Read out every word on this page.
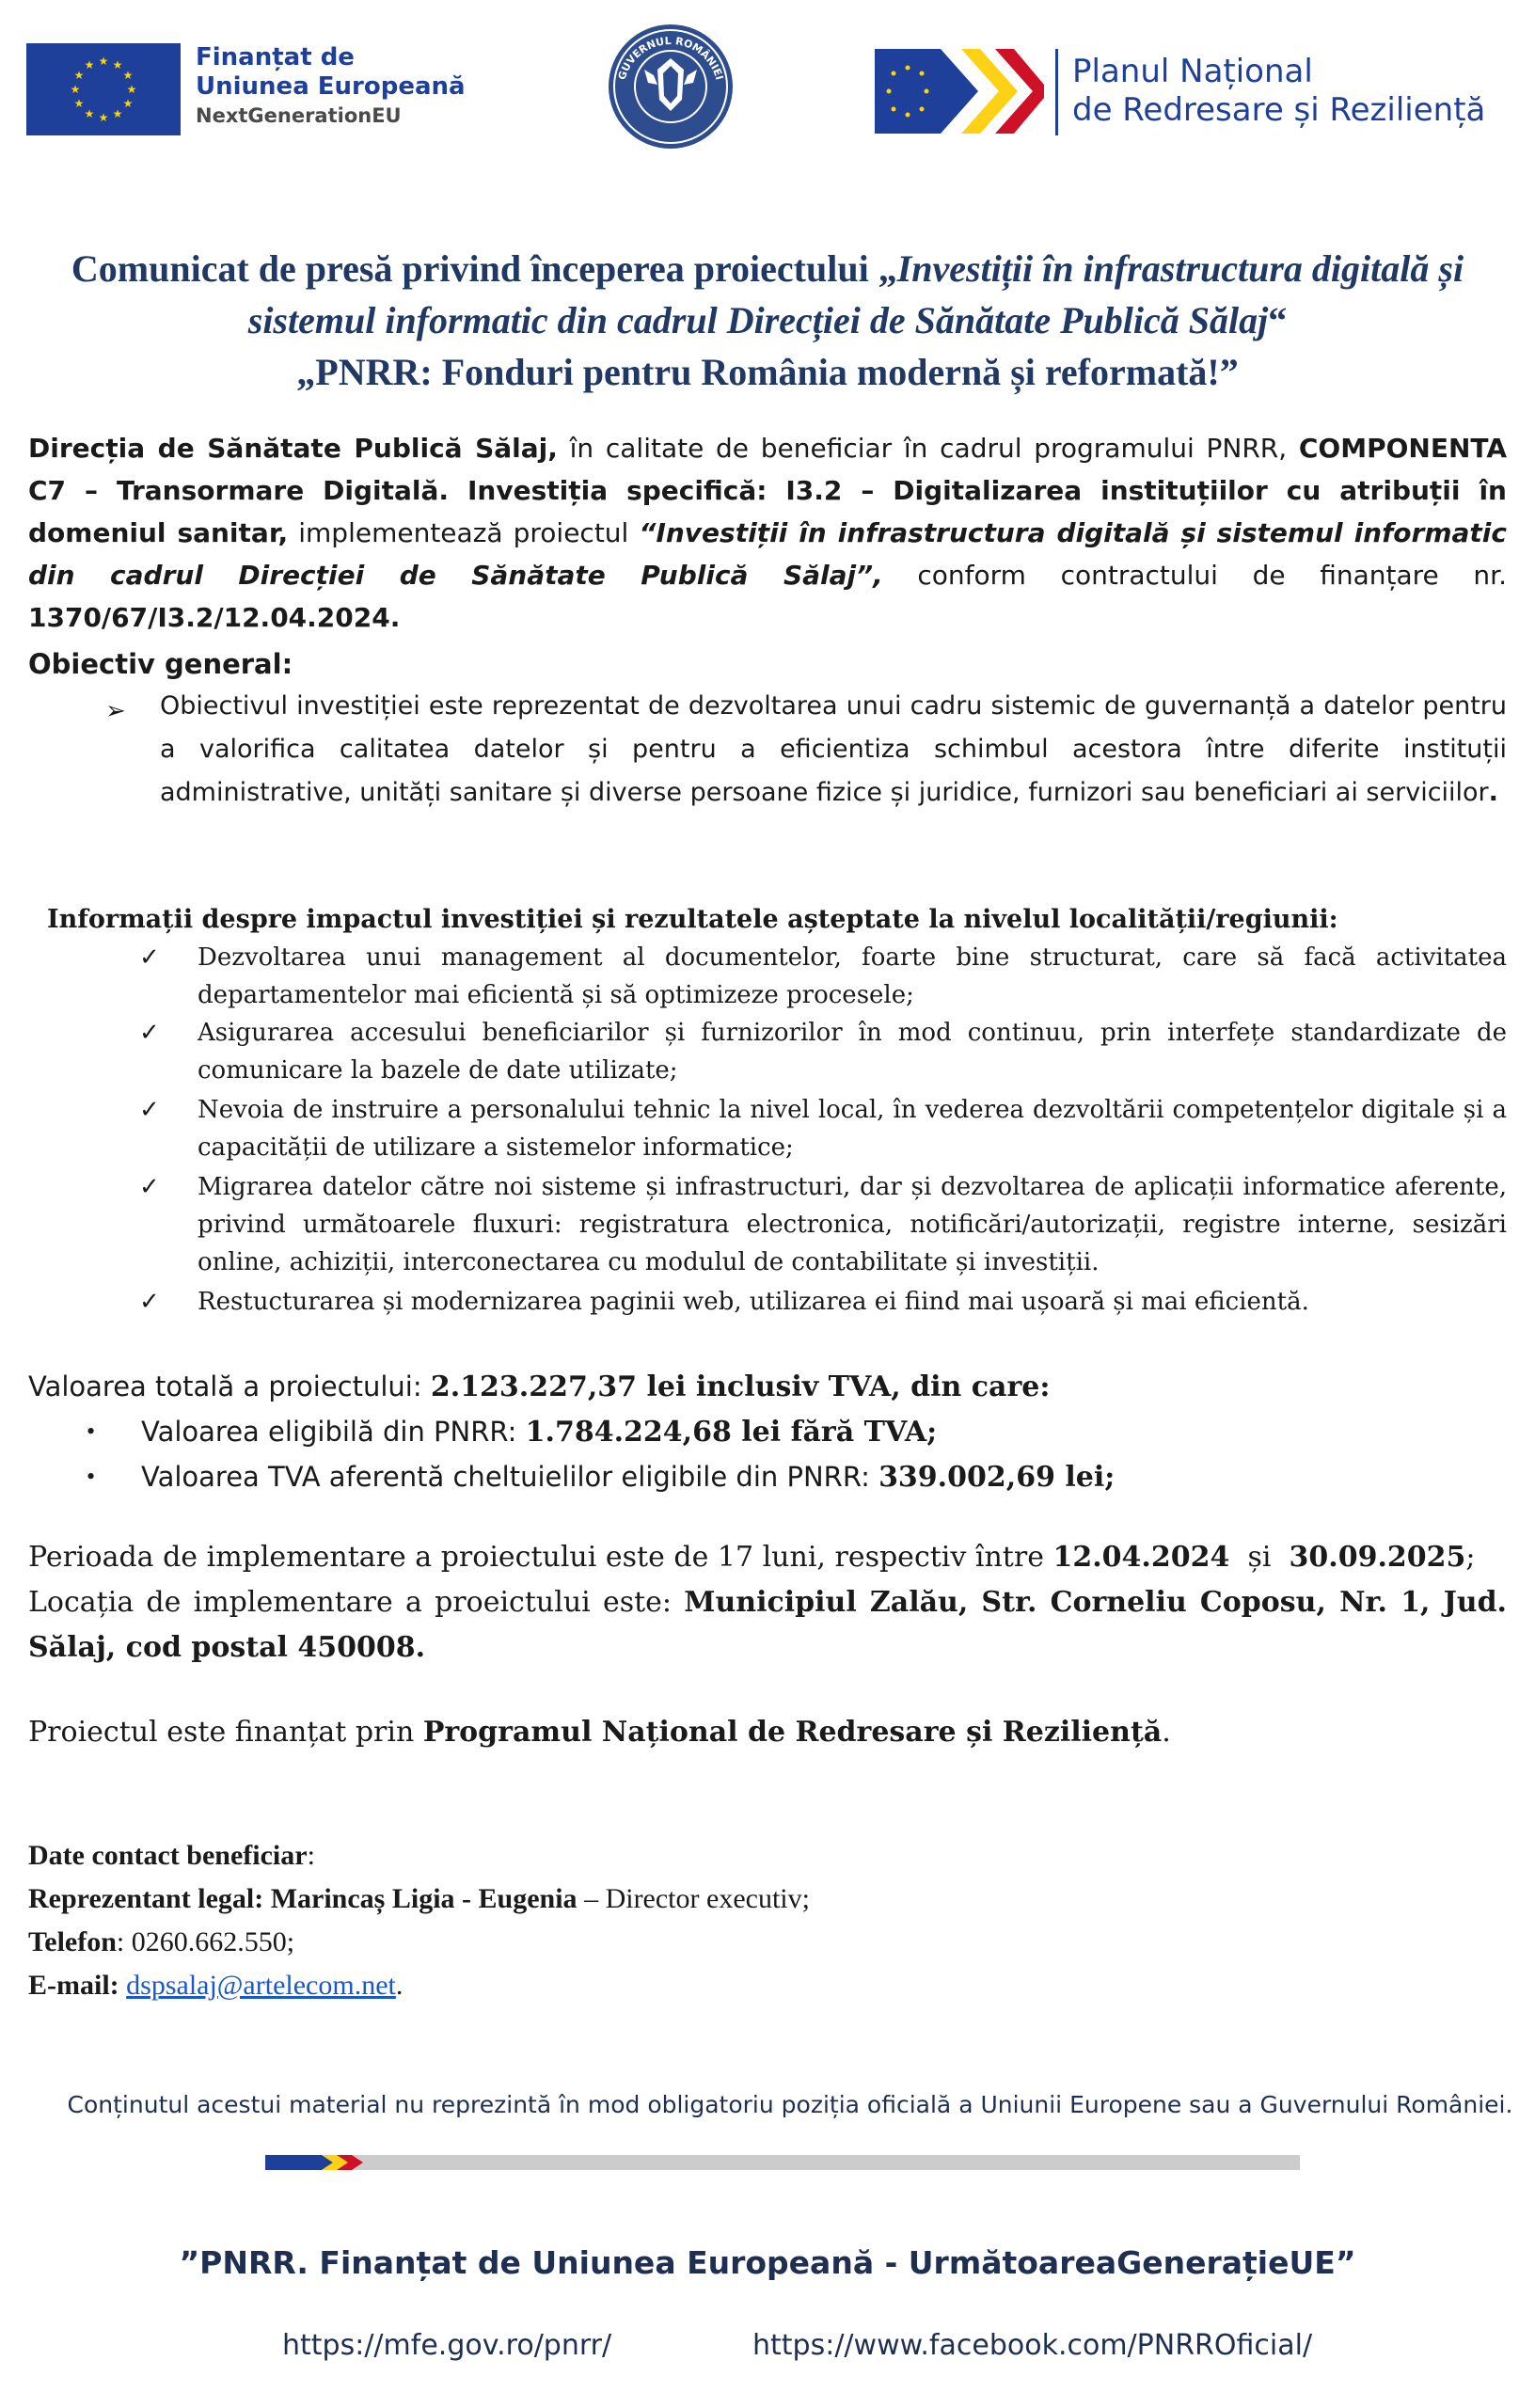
★ ★
★
★
★
★
★
★
★
★
★
★	Finanțat de
Uniunea Europeană
NextGenerationEU
GUVERNUL ROMÂNIEI	Planul Național
de Redresare și Reziliență
Comunicat de presă privind începerea proiectului „Investiții în infrastructura digitală și sistemul informatic din cadrul Direcției de Sănătate Publică Sălaj“
„PNRR: Fonduri pentru România modernă și reformată!”
Direcția de Sănătate Publică Sălaj, în calitate de beneficiar în cadrul programului PNRR, COMPONENTA C7 – Transormare Digitală. Investiția specifică: I3.2 – Digitalizarea instituțiilor cu atribuții în domeniul sanitar, implementează proiectul “Investiții în infrastructura digitală și sistemul informatic din cadrul Direcției de Sănătate Publică Sălaj”, conform contractului de finanțare nr. 1370/67/I3.2/12.04.2024.
Obiectiv general:
➢ Obiectivul investiției este reprezentat de dezvoltarea unui cadru sistemic de guvernanță a datelor pentru a valorifica calitatea datelor și pentru a eficientiza schimbul acestora între diferite instituții administrative, unități sanitare și diverse persoane fizice și juridice, furnizori sau beneficiari ai serviciilor.
Informații despre impactul investiției și rezultatele așteptate la nivelul localității/regiunii:
✓ Dezvoltarea unui management al documentelor, foarte bine structurat, care să facă activitatea departamentelor mai eficientă și să optimizeze procesele;
✓ Asigurarea accesului beneficiarilor și furnizorilor în mod continuu, prin interfețe standardizate de comunicare la bazele de date utilizate;
✓ Nevoia de instruire a personalului tehnic la nivel local, în vederea dezvoltării competențelor digitale și a capacității de utilizare a sistemelor informatice;
✓ Migrarea datelor către noi sisteme și infrastructuri, dar și dezvoltarea de aplicații informatice aferente, privind următoarele fluxuri: registratura electronica, notificări/autorizații, registre interne, sesizări online, achiziții, interconectarea cu modulul de contabilitate și investiții.
✓ Restucturarea și modernizarea paginii web, utilizarea ei fiind mai ușoară și mai eficientă.
Valoarea totală a proiectului: 2.123.227,37 lei inclusiv TVA, din care:
• Valoarea eligibilă din PNRR: 1.784.224,68 lei fără TVA;
• Valoarea TVA aferentă cheltuielilor eligibile din PNRR: 339.002,69 lei;
Perioada de implementare a proiectului este de 17 luni, respectiv între 12.04.2024  și  30.09.2025;
Locația de implementare a proeictului este: Municipiul Zalău, Str. Corneliu Coposu, Nr. 1, Jud. Sălaj, cod postal 450008.
Proiectul este finanțat prin Programul Național de Redresare și Reziliență.
Date contact beneficiar:
Reprezentant legal: Marincaș Ligia - Eugenia – Director executiv;
Telefon: 0260.662.550;
E-mail: dspsalaj@artelecom.net.
Conținutul acestui material nu reprezintă în mod obligatoriu poziția oficială a Uniunii Europene sau a Guvernului României.
”PNRR. Finanțat de Uniunea Europeană - UrmătoareaGenerațieUE”
https://mfe.gov.ro/pnrr/	https://www.facebook.com/PNRROficial/
